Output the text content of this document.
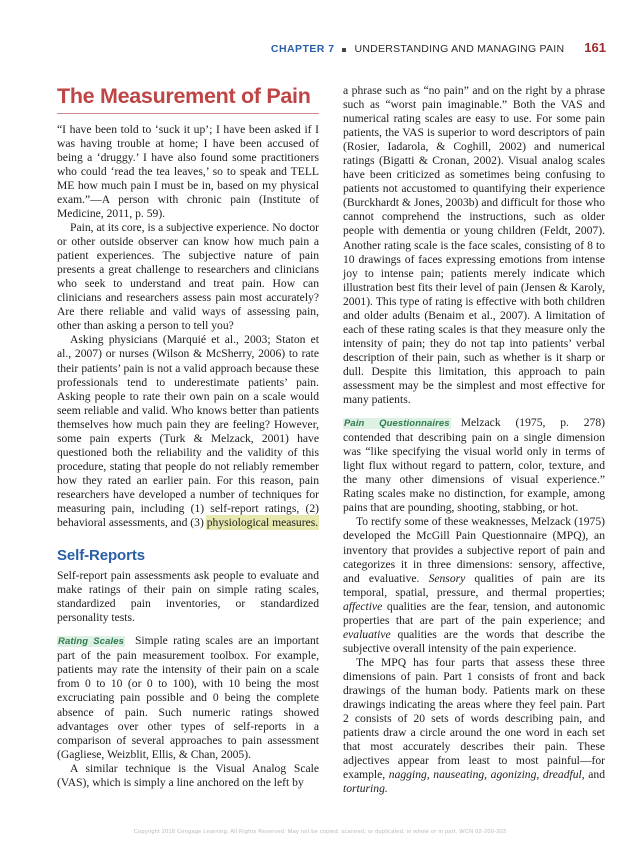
CHAPTER 7 UNDERSTANDING AND MANAGING PAIN 161
The Measurement of Pain

“I have been told to ‘suck it up’; I have been asked if I was having trouble at home; I have been accused of being a ‘druggy.’ I have also found some practitioners who could ‘read the tea leaves,’ so to speak and TELL ME how much pain I must be in, based on my physical exam.”—A person with chronic pain (Institute of Medicine, 2011, p. 59).

Pain, at its core, is a subjective experience. No doctor or other outside observer can know how much pain a patient experiences. The subjective nature of pain presents a great challenge to researchers and clinicians who seek to understand and treat pain. How can clinicians and researchers assess pain most accurately? Are there reliable and valid ways of assessing pain, other than asking a person to tell you?

Asking physicians (Marquié et al., 2003; Staton et al., 2007) or nurses (Wilson & McSherry, 2006) to rate their patients’ pain is not a valid approach because these professionals tend to underestimate patients’ pain. Asking people to rate their own pain on a scale would seem reliable and valid. Who knows better than patients themselves how much pain they are feeling? However, some pain experts (Turk & Melzack, 2001) have questioned both the reliability and the validity of this procedure, stating that people do not reliably remember how they rated an earlier pain. For this reason, pain researchers have developed a number of techniques for measuring pain, including (1) self-report ratings, (2) behavioral assessments, and (3) physiological measures.

Self-Reports

Self-report pain assessments ask people to evaluate and make ratings of their pain on simple rating scales, standardized pain inventories, or standardized personality tests.

Rating Scales Simple rating scales are an important part of the pain measurement toolbox. For example, patients may rate the intensity of their pain on a scale from 0 to 10 (or 0 to 100), with 10 being the most excruciating pain possible and 0 being the complete absence of pain. Such numeric ratings showed advantages over other types of self-reports in a comparison of several approaches to pain assessment (Gagliese, Weizblit, Ellis, & Chan, 2005).

A similar technique is the Visual Analog Scale (VAS), which is simply a line anchored on the left by

a phrase such as “no pain” and on the right by a phrase such as “worst pain imaginable.” Both the VAS and numerical rating scales are easy to use. For some pain patients, the VAS is superior to word descriptors of pain (Rosier, Iadarola, & Coghill, 2002) and numerical ratings (Bigatti & Cronan, 2002). Visual analog scales have been criticized as sometimes being confusing to patients not accustomed to quantifying their experience (Burckhardt & Jones, 2003b) and difficult for those who cannot comprehend the instructions, such as older people with dementia or young children (Feldt, 2007). Another rating scale is the face scales, consisting of 8 to 10 drawings of faces expressing emotions from intense joy to intense pain; patients merely indicate which illustration best fits their level of pain (Jensen & Karoly, 2001). This type of rating is effective with both children and older adults (Benaim et al., 2007). A limitation of each of these rating scales is that they measure only the intensity of pain; they do not tap into patients’ verbal description of their pain, such as whether is it sharp or dull. Despite this limitation, this approach to pain assessment may be the simplest and most effective for many patients.

Pain Questionnaires Melzack (1975, p. 278) contended that describing pain on a single dimension was “like specifying the visual world only in terms of light flux without regard to pattern, color, texture, and the many other dimensions of visual experience.” Rating scales make no distinction, for example, among pains that are pounding, shooting, stabbing, or hot.

To rectify some of these weaknesses, Melzack (1975) developed the McGill Pain Questionnaire (MPQ), an inventory that provides a subjective report of pain and categorizes it in three dimensions: sensory, affective, and evaluative. Sensory qualities of pain are its temporal, spatial, pressure, and thermal properties; affective qualities are the fear, tension, and autonomic properties that are part of the pain experience; and evaluative qualities are the words that describe the subjective overall intensity of the pain experience.

The MPQ has four parts that assess these three dimensions of pain. Part 1 consists of front and back drawings of the human body. Patients mark on these drawings indicating the areas where they feel pain. Part 2 consists of 20 sets of words describing pain, and patients draw a circle around the one word in each set that most accurately describes their pain. These adjectives appear from least to most painful—for example, nagging, nauseating, agonizing, dreadful, and torturing.

Copyright 2018 Cengage Learning. All Rights Reserved. May not be copied, scanned, or duplicated, in whole or in part. WCN 02-200-203
